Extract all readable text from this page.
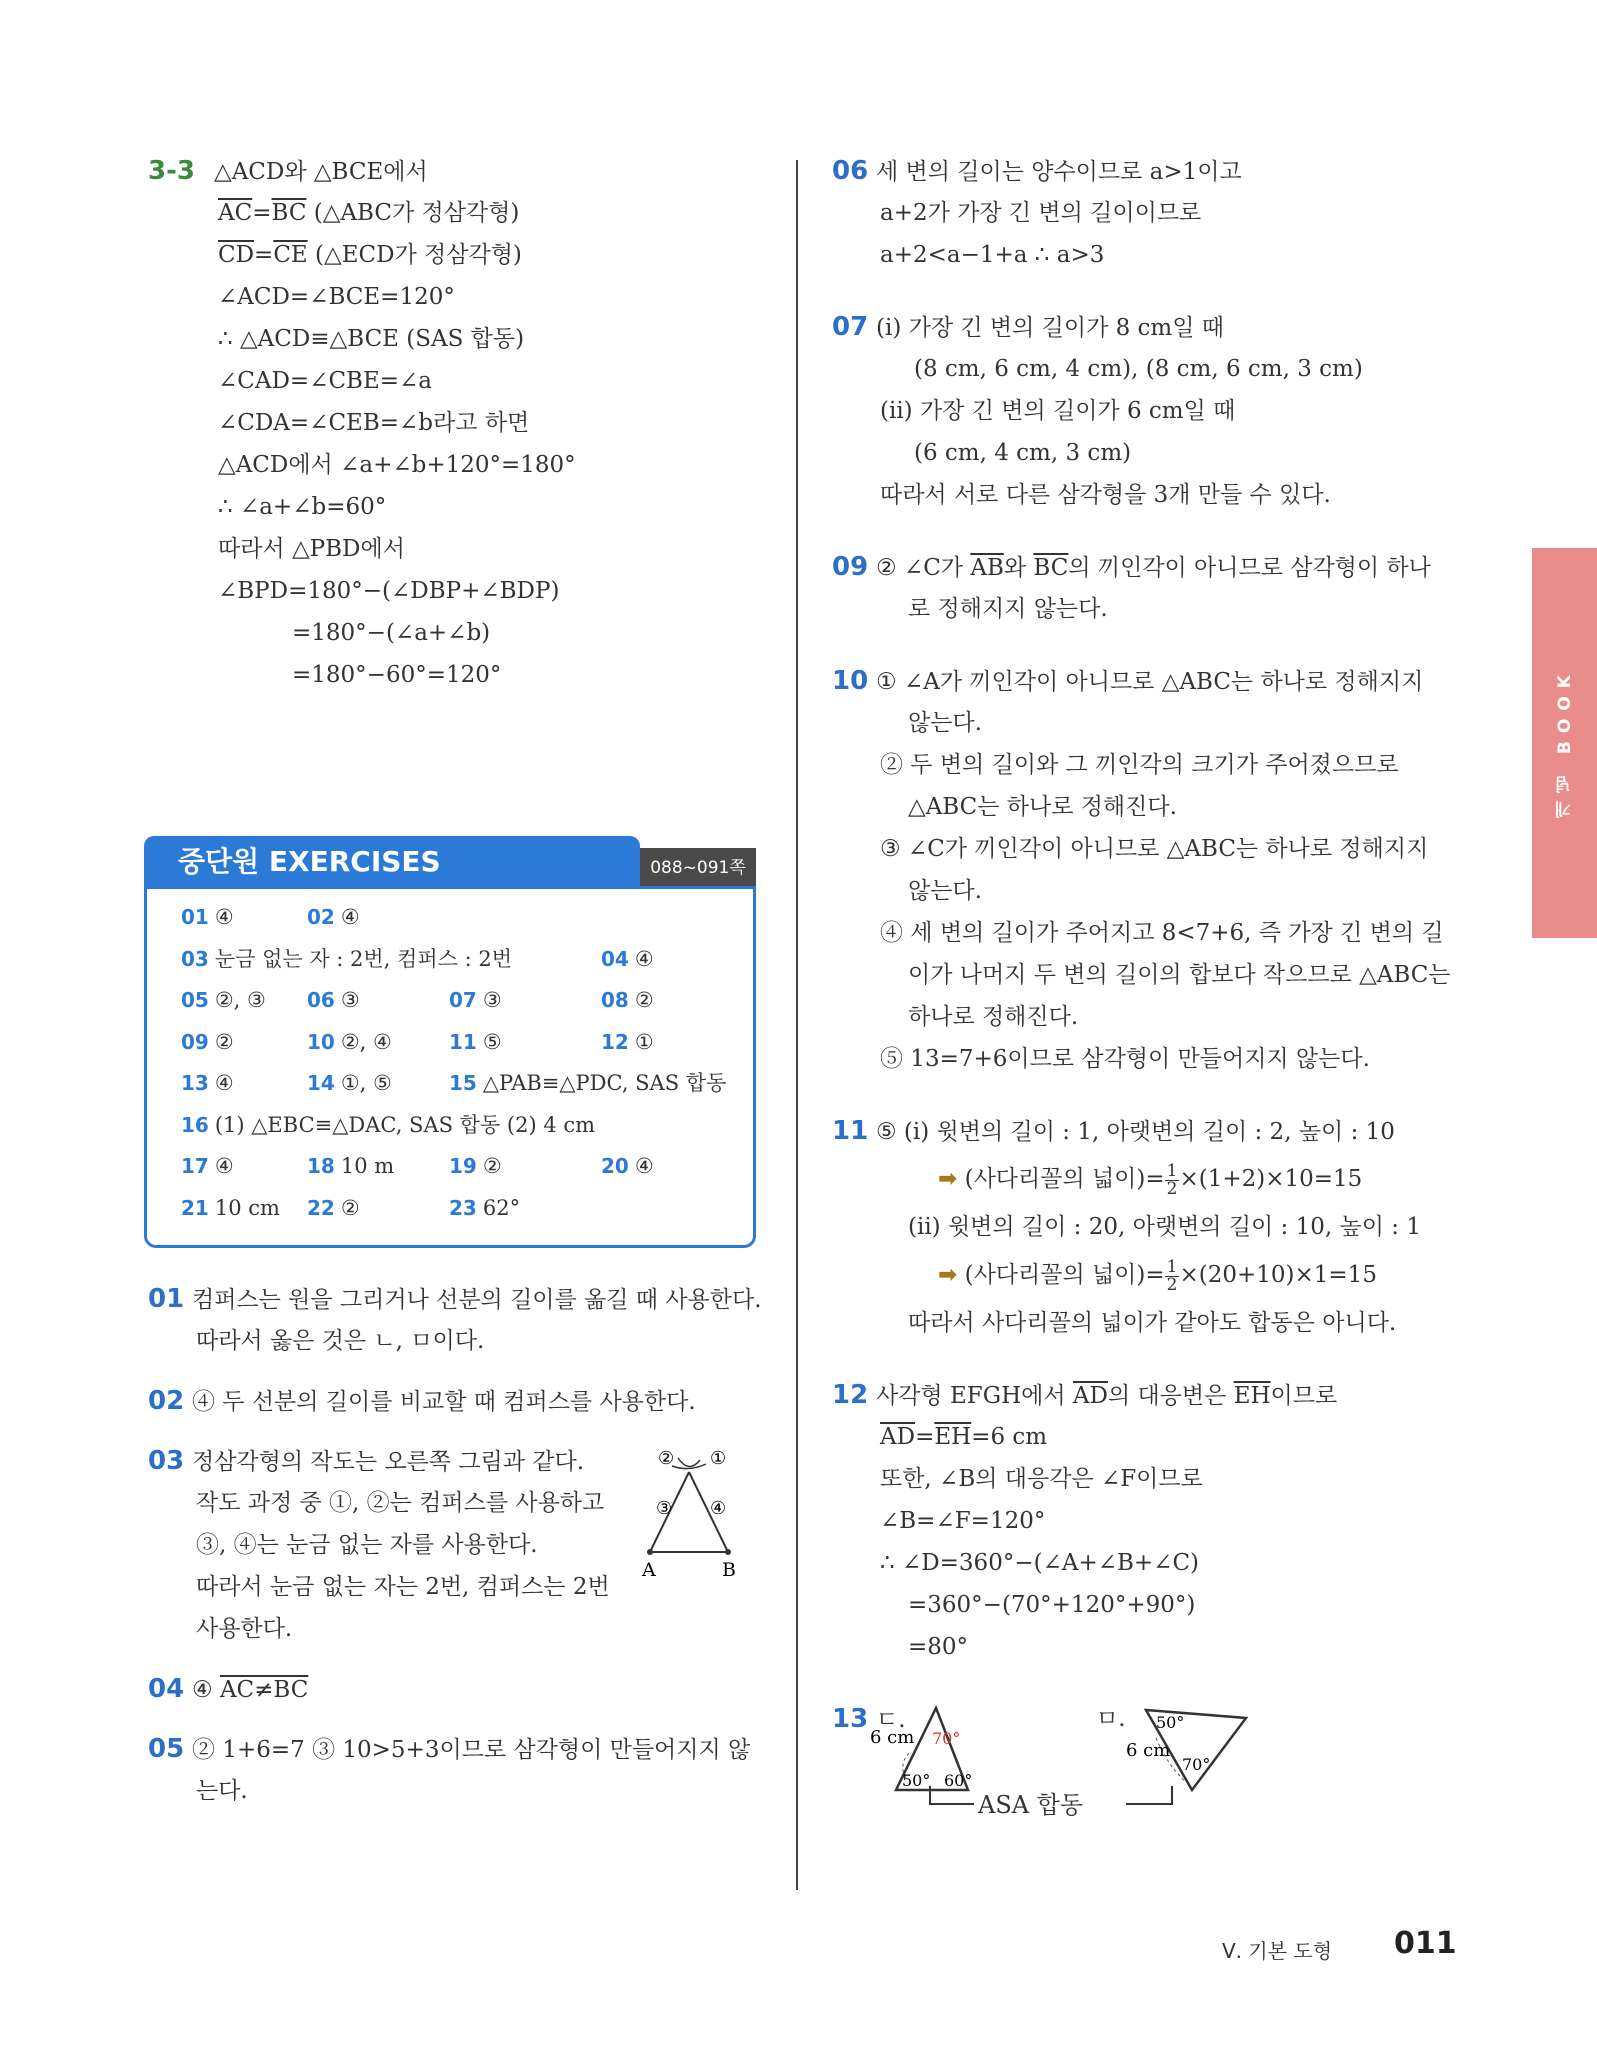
3-3 △ACD와 △BCE에서
$\overline{AC}=\overline{BC}$ (△ABC가 정삼각형)
$\overline{CD}=\overline{CE}$ (△ECD가 정삼각형)
∠ACD=∠BCE=120°
∴ △ACD≡△BCE (SAS 합동)
∠CAD=∠CBE=∠a
∠CDA=∠CEB=∠b라고 하면
△ACD에서 ∠a+∠b+120°=180°
∴ ∠a+∠b=60°
따라서 △PBD에서
∠BPD=180°−(∠DBP+∠BDP)
=180°−(∠a+∠b)
=180°−60°=120°
중단원 EXERCISES	088~091쪽
01 ④	02 ④
03 눈금 없는 자 : 2번, 컴퍼스 : 2번	04 ④
05 ②, ③ 06 ③	07 ③	08 ②
09 ②	10 ②, ④	11 ⑤	12 ①
13 ④	14 ①, ⑤	15 △PAB≡△PDC, SAS 합동
16 (1) △EBC≡△DAC, SAS 합동 (2) 4 cm
17 ④	18 10 m	19 ②	20 ④
21 10 cm 22 ②	23 62°
01 컴퍼스는 원을 그리거나 선분의 길이를 옮길 때 사용한다.
따라서 옳은 것은 ㄴ, ㅁ이다.
02 ④ 두 선분의 길이를 비교할 때 컴퍼스를 사용한다.
03 정삼각형의 작도는 오른쪽 그림과 같다.
작도 과정 중 ①, ②는 컴퍼스를 사용하고
③, ④는 눈금 없는 자를 사용한다.
따라서 눈금 없는 자는 2번, 컴퍼스는 2번
사용한다.
A	B
② ①
③ ④
04 ④ AC≠BC
05 ② 1+6=7 ③ 10>5+3이므로 삼각형이 만들어지지 않
는다.
06 세 변의 길이는 양수이므로 a>1이고
a+2가 가장 긴 변의 길이이므로
a+2<a−1+a ∴ a>3
07 (ⅰ) 가장 긴 변의 길이가 8 cm일 때
(8 cm, 6 cm, 4 cm), (8 cm, 6 cm, 3 cm)
(ⅱ) 가장 긴 변의 길이가 6 cm일 때
(6 cm, 4 cm, 3 cm)
따라서 서로 다른 삼각형을 3개 만들 수 있다.
09 ② ∠C가 $\overline{AB}$와 $\overline{BC}$의 끼인각이 아니므로 삼각형이 하나
로 정해지지 않는다.
10 ① ∠A가 끼인각이 아니므로 △ABC는 하나로 정해지지
않는다.
② 두 변의 길이와 그 끼인각의 크기가 주어졌으므로
△ABC는 하나로 정해진다.
③ ∠C가 끼인각이 아니므로 △ABC는 하나로 정해지지
않는다.
④ 세 변의 길이가 주어지고 8<7+6, 즉 가장 긴 변의 길
이가 나머지 두 변의 길이의 합보다 작으므로 △ABC는
하나로 정해진다.
⑤ 13=7+6이므로 삼각형이 만들어지지 않는다.
11 ⑤ (ⅰ) 윗변의 길이 : 1, 아랫변의 길이 : 2, 높이 : 10
➡ (사다리꼴의 넓이)= $\frac{1}{2} \times(1+2)\times 10=15$
(ⅱ) 윗변의 길이 : 20, 아랫변의 길이 : 10, 높이 : 1
➡ (사다리꼴의 넓이)= $\frac{1}{2} \times(20+10)\times 1=15$
따라서 사다리꼴의 넓이가 같아도 합동은 아니다.
12 사각형 EFGH에서 $\overline{AD}$의 대응변은 $\overline{EH}$이므로
$\overline{AD}=\overline{EH}=6$ cm
또한, ∠B의 대응각은 ∠F이므로
∠B=∠F=120°
∴ ∠D=360°−(∠A+∠B+∠C)
=360°−(70°+120°+90°)
=80°
13 ㄷ.	ㅁ.
6 cm 70°
50° 60°
6 cm
50°
70°
ASA 합동
개념 BOOK
Ⅴ. 기본 도형 011
